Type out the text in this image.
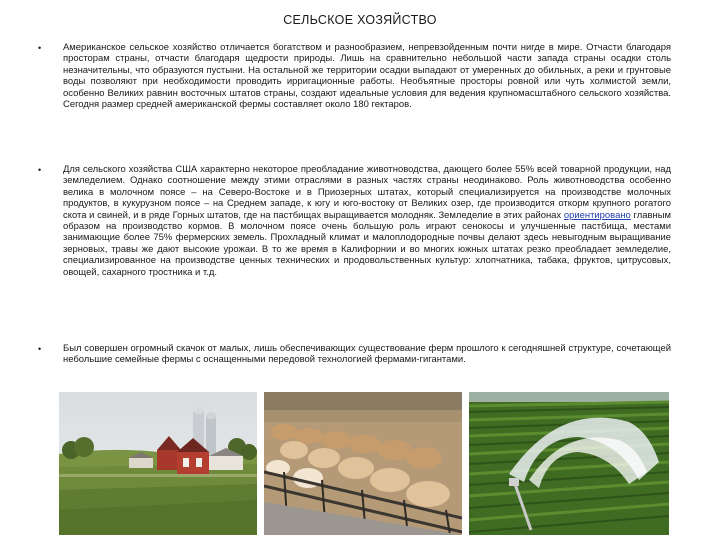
СЕЛЬСКОЕ ХОЗЯЙСТВО
• Американское сельское хозяйство отличается богатством и разнообразием, непревзойденным почти нигде в мире. Отчасти благодаря просторам страны, отчасти благодаря щедрости природы. Лишь на сравнительно небольшой части запада страны осадки столь незначительны, что образуются пустыни. На остальной же территории осадки выпадают от умеренных до обильных, а реки и грунтовые воды позволяют при необходимости проводить ирригационные работы. Необъятные просторы ровной или чуть холмистой земли, особенно Великих равнин восточных штатов страны, создают идеальные условия для ведения крупномасштабного сельского хозяйства. Сегодня размер средней американской фермы составляет около 180 гектаров.
• Для сельского хозяйства США характерно некоторое преобладание животноводства, дающего более 55% всей товарной продукции, над земледелием. Однако соотношение между этими отраслями в разных частях страны неодинаково. Роль животноводства особенно велика в молочном поясе – на Северо-Востоке и в Приозерных штатах, который специализируется на производстве молочных продуктов, в кукурузном поясе – на Среднем западе, к югу и юго-востоку от Великих озер, где производится откорм крупного рогатого скота и свиней, и в ряде Горных штатов, где на пастбищах выращивается молодняк. Земледелие в этих районах ориентировано главным образом на производство кормов. В молочном поясе очень большую роль играют сенокосы и улучшенные пастбища, местами занимающие более 75% фермерских земель. Прохладный климат и малоплодородные почвы делают здесь невыгодным выращивание зерновых, травы же дают высокие урожаи. В то же время в Калифорнии и во многих южных штатах резко преобладает земледелие, специализированное на производстве ценных технических и продовольственных культур: хлопчатника, табака, фруктов, цитрусовых, овощей, сахарного тростника и т.д.
• Был совершен огромный скачок от малых, лишь обеспечивающих существование ферм прошлого к сегодняшней структуре, сочетающей небольшие семейные фермы с оснащенными передовой технологией фермами-гигантами.
